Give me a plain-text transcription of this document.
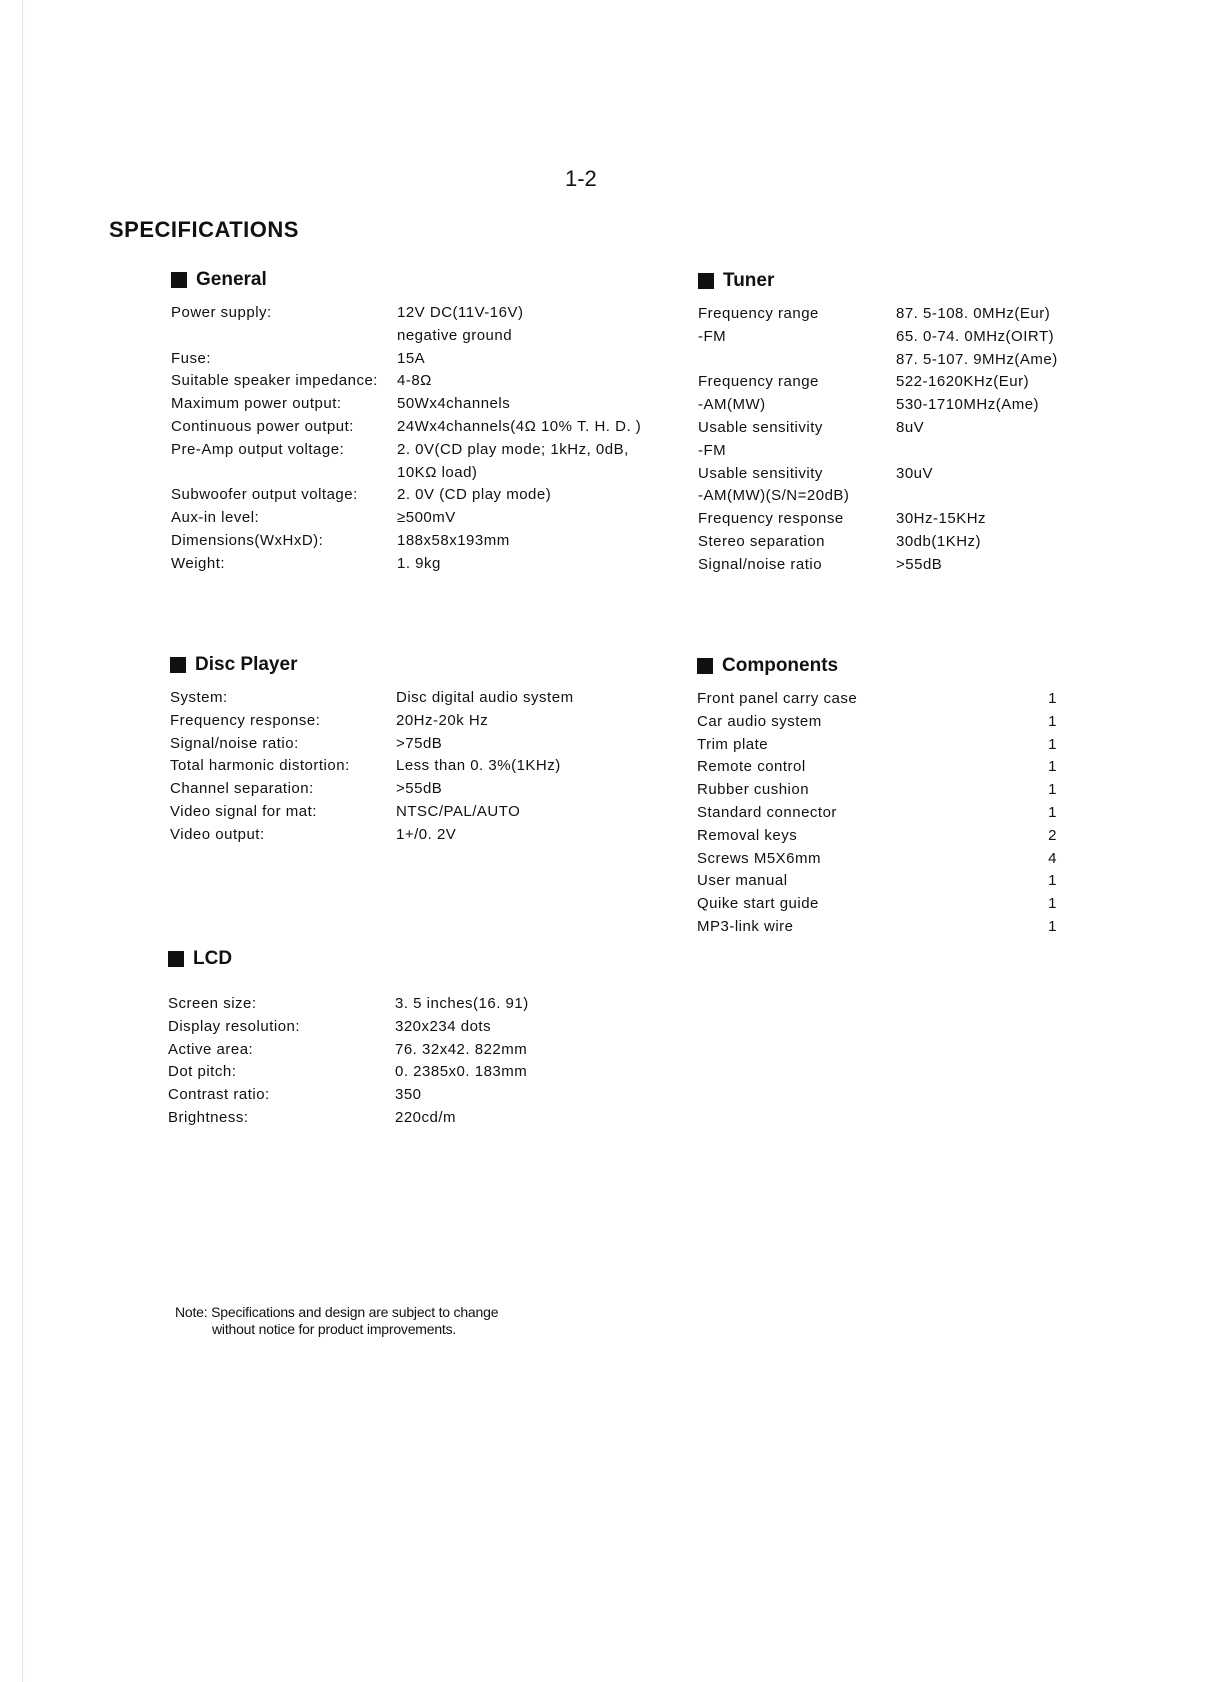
1-2
SPECIFICATIONS
General
Power supply:	12V DC(11V-16V)
negative ground
Fuse:	15A
Suitable speaker impedance:	4-8Ω
Maximum power output:	50Wx4channels
Continuous power output:	24Wx4channels(4Ω 10% T. H. D. )
Pre-Amp output voltage:	2. 0V(CD play mode; 1kHz, 0dB,
10KΩ load)
Subwoofer output voltage:	2. 0V (CD play mode)
Aux-in level:	≥500mV
Dimensions(WxHxD):	188x58x193mm
Weight:	1. 9kg
Tuner
Frequency range	87. 5-108. 0MHz(Eur)
-FM	65. 0-74. 0MHz(OIRT)
87. 5-107. 9MHz(Ame)
Frequency range	522-1620KHz(Eur)
-AM(MW)	530-1710MHz(Ame)
Usable sensitivity	8uV
-FM
Usable sensitivity	30uV
-AM(MW)(S/N=20dB)
Frequency response	30Hz-15KHz
Stereo separation	30db(1KHz)
Signal/noise ratio	>55dB
Disc Player
System:	Disc digital audio system
Frequency response:	20Hz-20k Hz
Signal/noise ratio:	>75dB
Total harmonic distortion:	Less than 0. 3%(1KHz)
Channel separation:	>55dB
Video signal for mat:	NTSC/PAL/AUTO
Video output:	1+/0. 2V
Components
Front panel carry case	1
Car audio system	1
Trim plate	1
Remote control	1
Rubber cushion	1
Standard connector	1
Removal keys	2
Screws M5X6mm	4
User manual	1
Quike start guide	1
MP3-link wire	1
LCD
Screen size:	3. 5 inches(16. 91)
Display resolution:	320x234 dots
Active area:	76. 32x42. 822mm
Dot pitch:	0. 2385x0. 183mm
Contrast ratio:	350
Brightness:	220cd/m
Note: Specifications and design are subject to change
without notice for product improvements.
